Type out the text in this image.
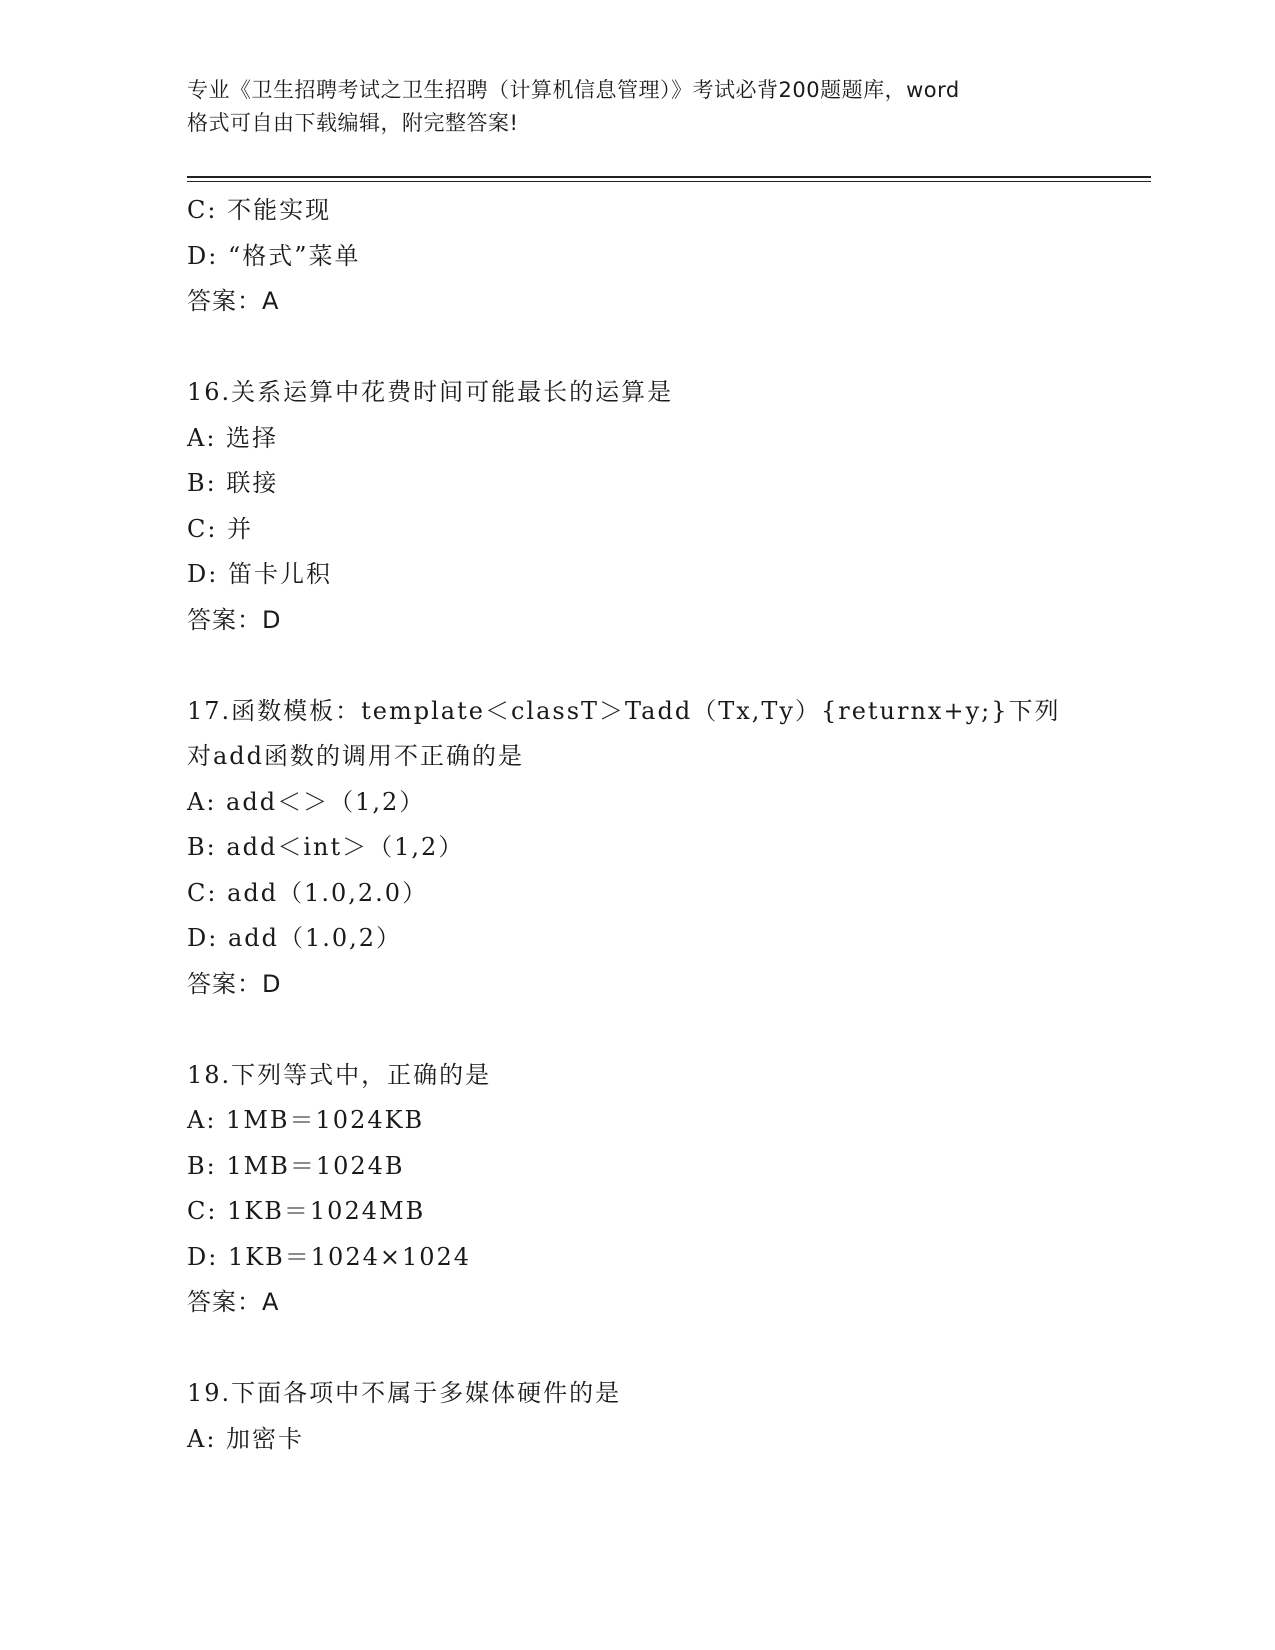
专业《卫生招聘考试之卫生招聘（计算机信息管理）》考试必背200题题库，word
格式可自由下载编辑，附完整答案!
C: 不能实现
D: “格式”菜单
答案：A
16.关系运算中花费时间可能最长的运算是
A: 选择
B: 联接
C: 并
D: 笛卡儿积
答案：D
17.函数模板：template＜classT＞Tadd（Tx,Ty）{returnx+y;}下列
对add函数的调用不正确的是
A: add＜＞（1,2）
B: add＜int＞（1,2）
C: add（1.0,2.0）
D: add（1.0,2）
答案：D
18.下列等式中，正确的是
A: 1MB＝1024KB
B: 1MB＝1024B
C: 1KB＝1024MB
D: 1KB＝1024×1024
答案：A
19.下面各项中不属于多媒体硬件的是
A: 加密卡
